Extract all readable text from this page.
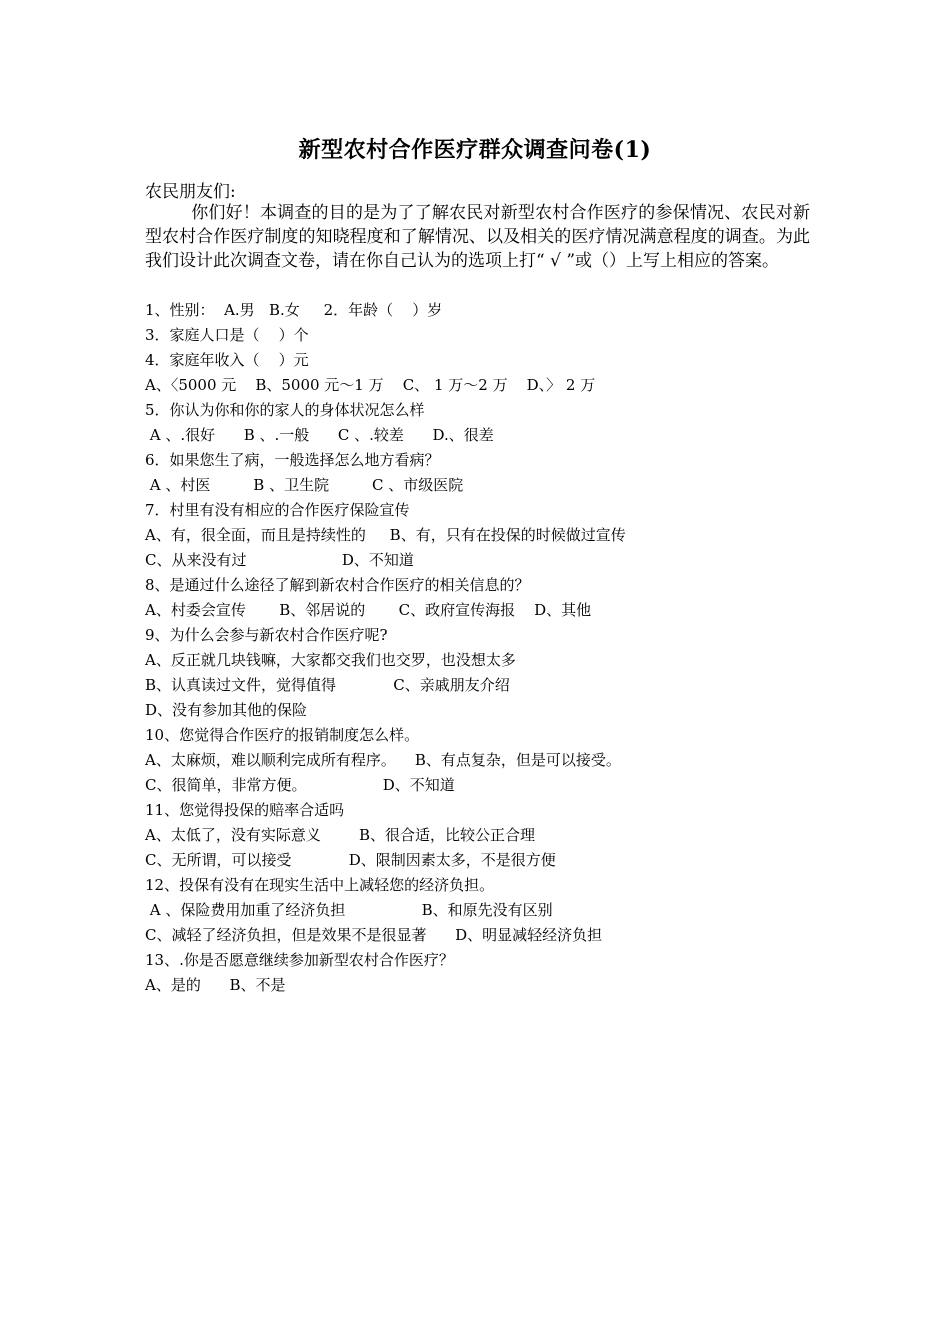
新型农村合作医疗群众调查问卷(1)
农民朋友们:
你们好！本调查的目的是为了了解农民对新型农村合作医疗的参保情况、农民对新型农村合作医疗制度的知晓程度和了解情况、以及相关的医疗情况满意程度的调查。为此我们设计此次调查文卷，请在你自己认为的选项上打“ √ ”或（）上写上相应的答案。
1、性别：  A.男   B.女     2．年龄（    ）岁
3．家庭人口是（    ）个
4．家庭年收入（    ）元
A、〈5000 元    B、5000 元～1 万    C、 1 万～2 万    D、〉 2 万
5．你认为你和你的家人的身体状况怎么样
A 、.很好      B 、.一般      C 、.较差      D.、很差
6．如果您生了病，一般选择怎么地方看病？
A 、村医         B 、卫生院         C 、市级医院
7．村里有没有相应的合作医疗保险宣传
A、有，很全面，而且是持续性的     B、有，只有在投保的时候做过宣传
C、从来没有过                    D、不知道
8、是通过什么途径了解到新农村合作医疗的相关信息的？
A、村委会宣传       B、邻居说的       C、政府宣传海报    D、其他
9、为什么会参与新农村合作医疗呢?
A、反正就几块钱嘛，大家都交我们也交罗，也没想太多
B、认真读过文件，觉得值得            C、亲戚朋友介绍
D、没有参加其他的保险
10、您觉得合作医疗的报销制度怎么样。
A、太麻烦，难以顺利完成所有程序。    B、有点复杂，但是可以接受。
C、很简单，非常方便。                D、不知道
11、您觉得投保的赔率合适吗
A、太低了，没有实际意义        B、很合适，比较公正合理
C、无所谓，可以接受            D、限制因素太多，不是很方便
12、投保有没有在现实生活中上减轻您的经济负担。
A 、保险费用加重了经济负担                B、和原先没有区别
C、减轻了经济负担，但是效果不是很显著      D、明显减轻经济负担
13、.你是否愿意继续参加新型农村合作医疗？
A、是的      B、不是
